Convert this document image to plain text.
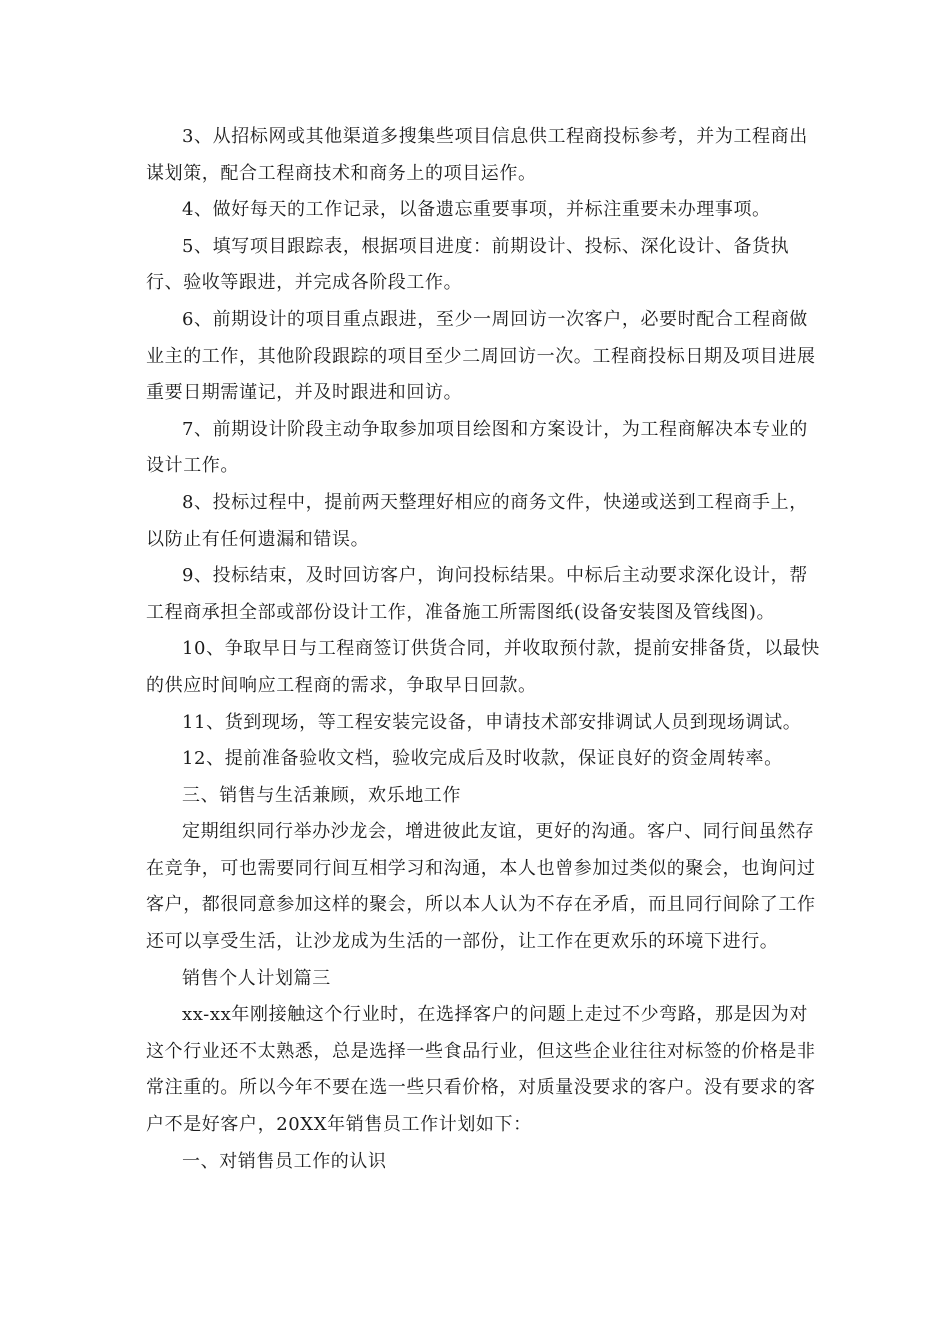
3、从招标网或其他渠道多搜集些项目信息供工程商投标参考，并为工程商出谋划策，配合工程商技术和商务上的项目运作。

4、做好每天的工作记录，以备遗忘重要事项，并标注重要未办理事项。

5、填写项目跟踪表，根据项目进度：前期设计、投标、深化设计、备货执行、验收等跟进，并完成各阶段工作。

6、前期设计的项目重点跟进，至少一周回访一次客户，必要时配合工程商做业主的工作，其他阶段跟踪的项目至少二周回访一次。工程商投标日期及项目进展重要日期需谨记，并及时跟进和回访。

7、前期设计阶段主动争取参加项目绘图和方案设计，为工程商解决本专业的设计工作。

8、投标过程中，提前两天整理好相应的商务文件，快递或送到工程商手上，以防止有任何遗漏和错误。

9、投标结束，及时回访客户，询问投标结果。中标后主动要求深化设计，帮工程商承担全部或部份设计工作，准备施工所需图纸(设备安装图及管线图)。

10、争取早日与工程商签订供货合同，并收取预付款，提前安排备货，以最快的供应时间响应工程商的需求，争取早日回款。

11、货到现场，等工程安装完设备，申请技术部安排调试人员到现场调试。

12、提前准备验收文档，验收完成后及时收款，保证良好的资金周转率。

三、销售与生活兼顾，欢乐地工作

定期组织同行举办沙龙会，增进彼此友谊，更好的沟通。客户、同行间虽然存在竞争，可也需要同行间互相学习和沟通，本人也曾参加过类似的聚会，也询问过客户，都很同意参加这样的聚会，所以本人认为不存在矛盾，而且同行间除了工作还可以享受生活，让沙龙成为生活的一部份，让工作在更欢乐的环境下进行。

销售个人计划篇三

xx-xx年刚接触这个行业时，在选择客户的问题上走过不少弯路，那是因为对这个行业还不太熟悉，总是选择一些食品行业，但这些企业往往对标签的价格是非常注重的。所以今年不要在选一些只看价格，对质量没要求的客户。没有要求的客户不是好客户，20XX年销售员工作计划如下：

一、对销售员工作的认识
